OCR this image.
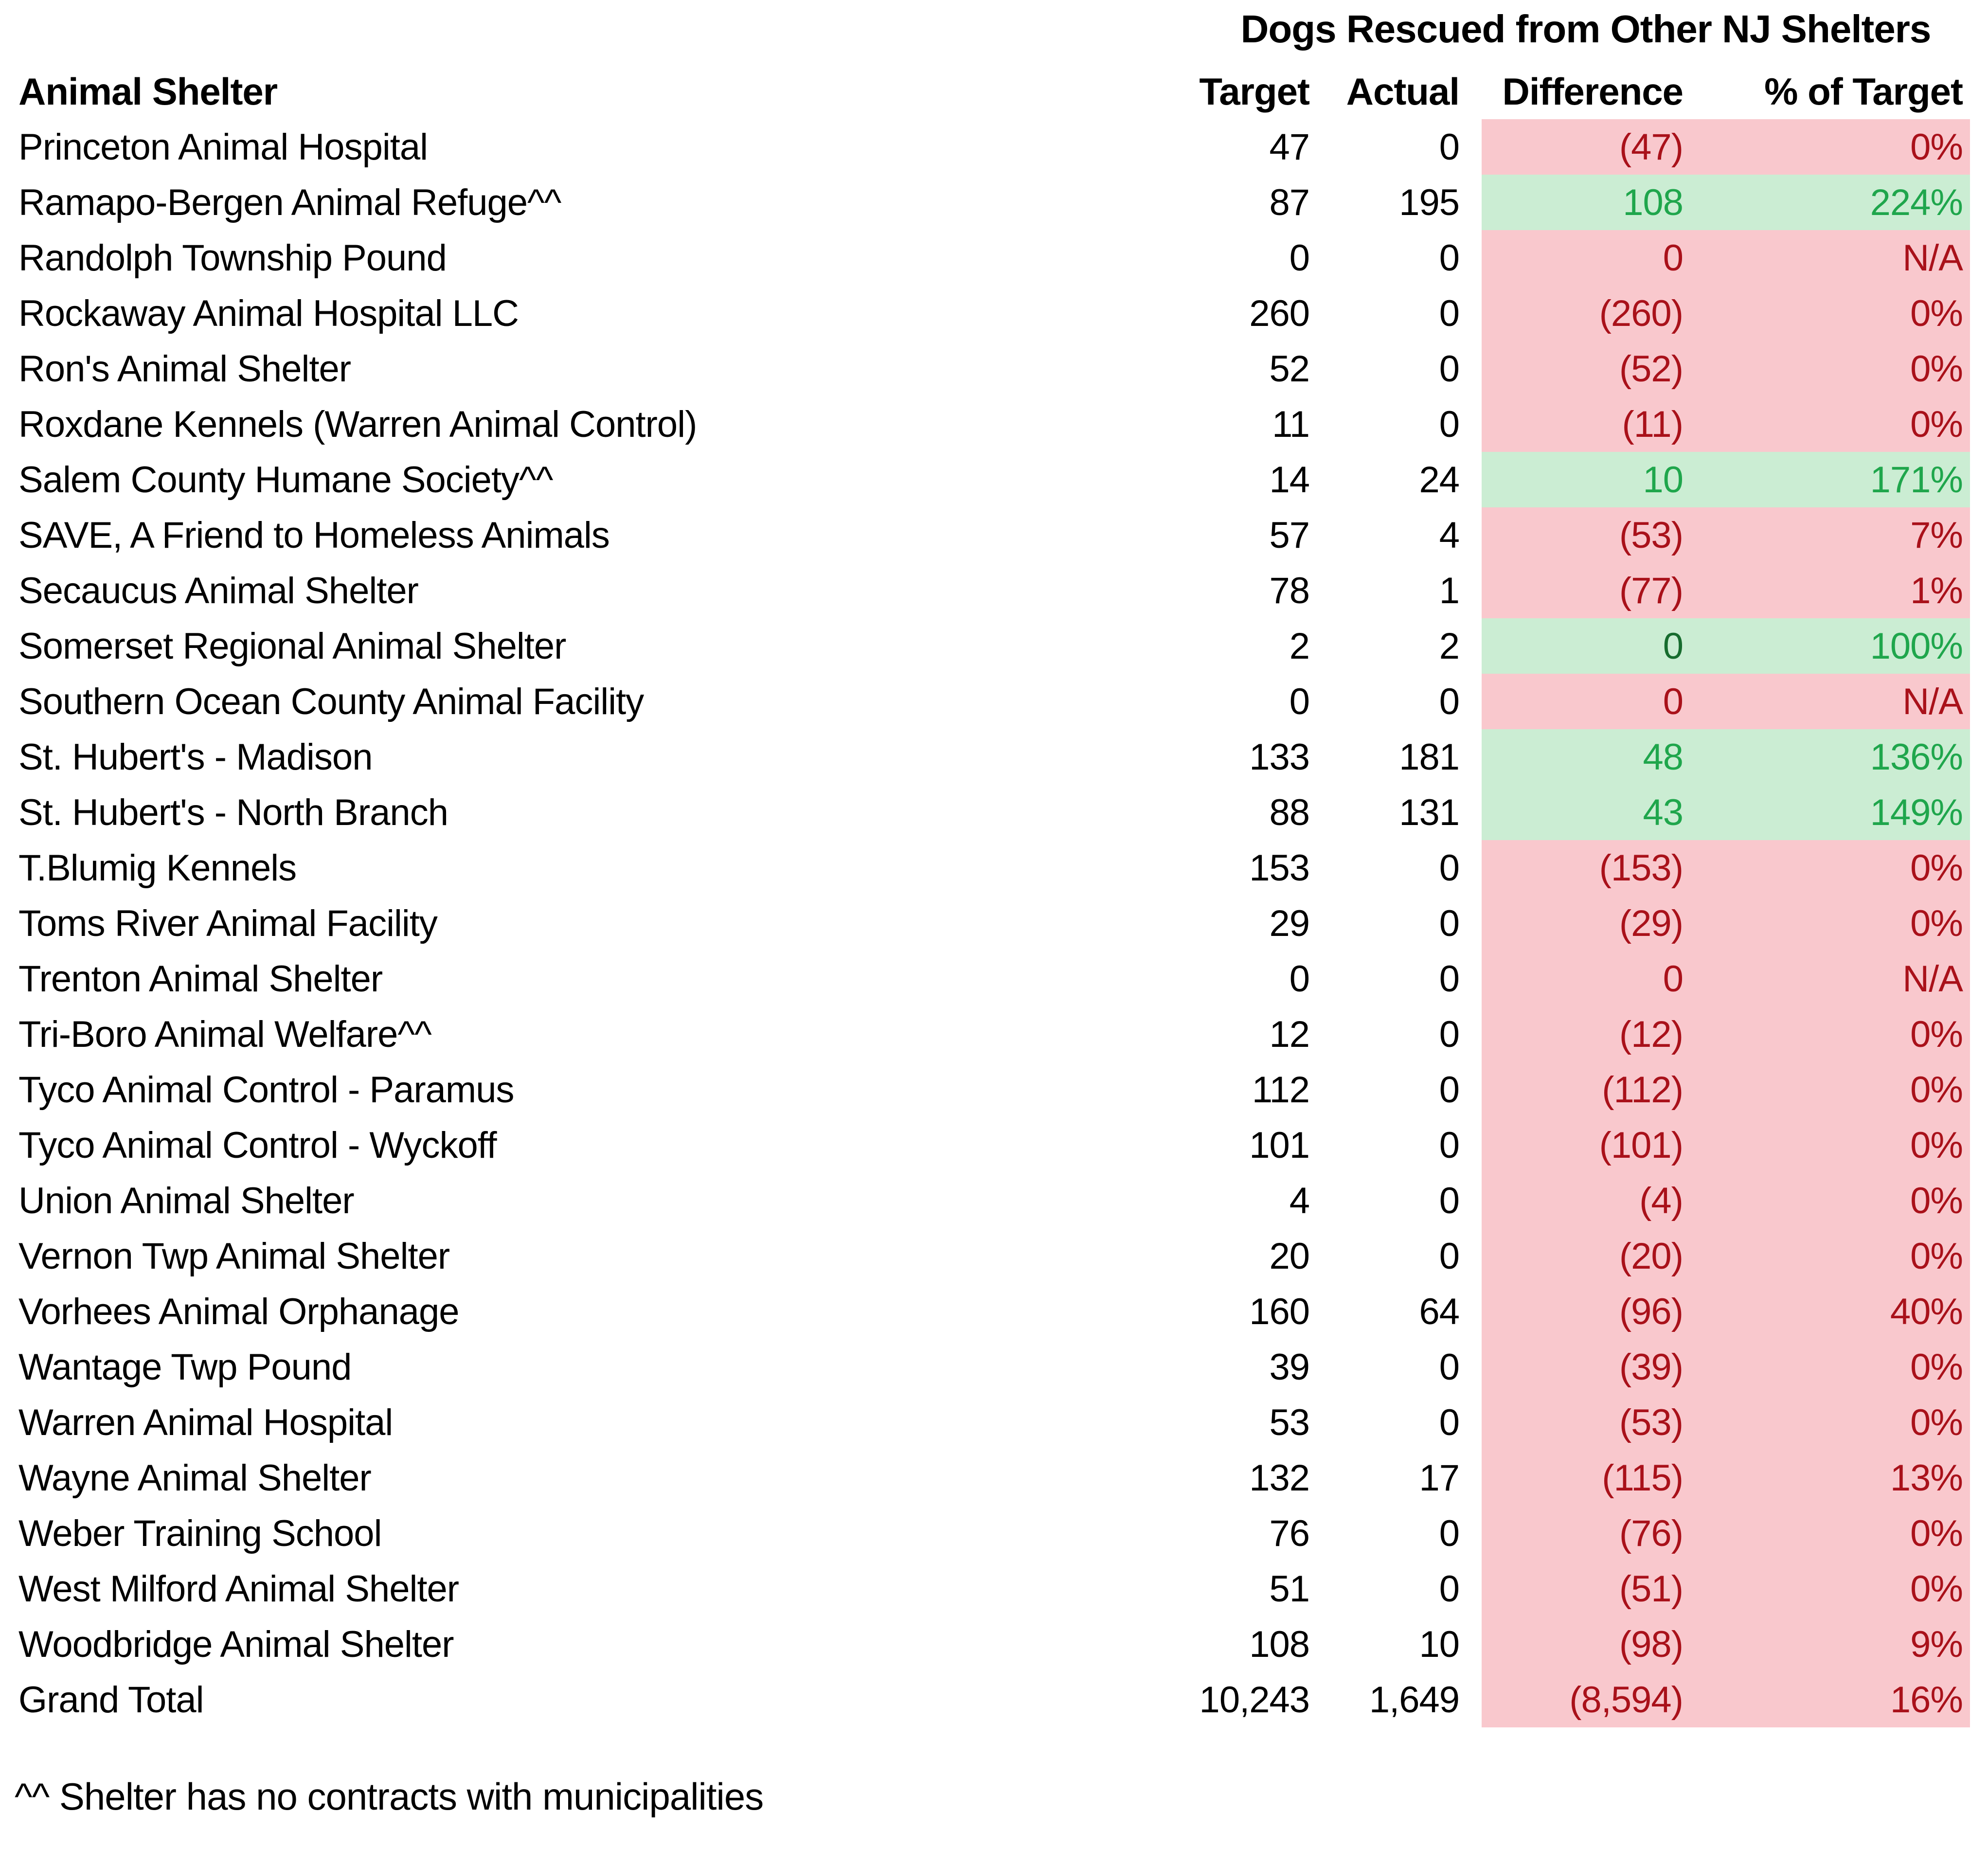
Dogs Rescued from Other NJ Shelters
Animal Shelter	Target Actual	Difference	% of Target
Princeton Animal Hospital	47	0	(47)	0%
Ramapo-Bergen Animal Refuge^^	87	195	108	224%
Randolph Township Pound	0	0	0	N/A
Rockaway Animal Hospital LLC	260	0	(260)	0%
Ron's Animal Shelter	52	0	(52)	0%
Roxdane Kennels (Warren Animal Control)	11	0	(11)	0%
Salem County Humane Society^^	14	24	10	171%
SAVE, A Friend to Homeless Animals	57	4	(53)	7%
Secaucus Animal Shelter	78	1	(77)	1%
Somerset Regional Animal Shelter	2	2	0	100%
Southern Ocean County Animal Facility	0	0	0	N/A
St. Hubert's - Madison	133	181	48	136%
St. Hubert's - North Branch	88	131	43	149%
T.Blumig Kennels	153	0	(153)	0%
Toms River Animal Facility	29	0	(29)	0%
Trenton Animal Shelter	0	0	0	N/A
Tri-Boro Animal Welfare^^	12	0	(12)	0%
Tyco Animal Control - Paramus	112	0	(112)	0%
Tyco Animal Control - Wyckoff	101	0	(101)	0%
Union Animal Shelter	4	0	(4)	0%
Vernon Twp Animal Shelter	20	0	(20)	0%
Vorhees Animal Orphanage	160	64	(96)	40%
Wantage Twp Pound	39	0	(39)	0%
Warren Animal Hospital	53	0	(53)	0%
Wayne Animal Shelter	132	17	(115)	13%
Weber Training School	76	0	(76)	0%
West Milford Animal Shelter	51	0	(51)	0%
Woodbridge Animal Shelter	108	10	(98)	9%
Grand Total	10,243	1,649	(8,594)	16%
^^ Shelter has no contracts with municipalities
